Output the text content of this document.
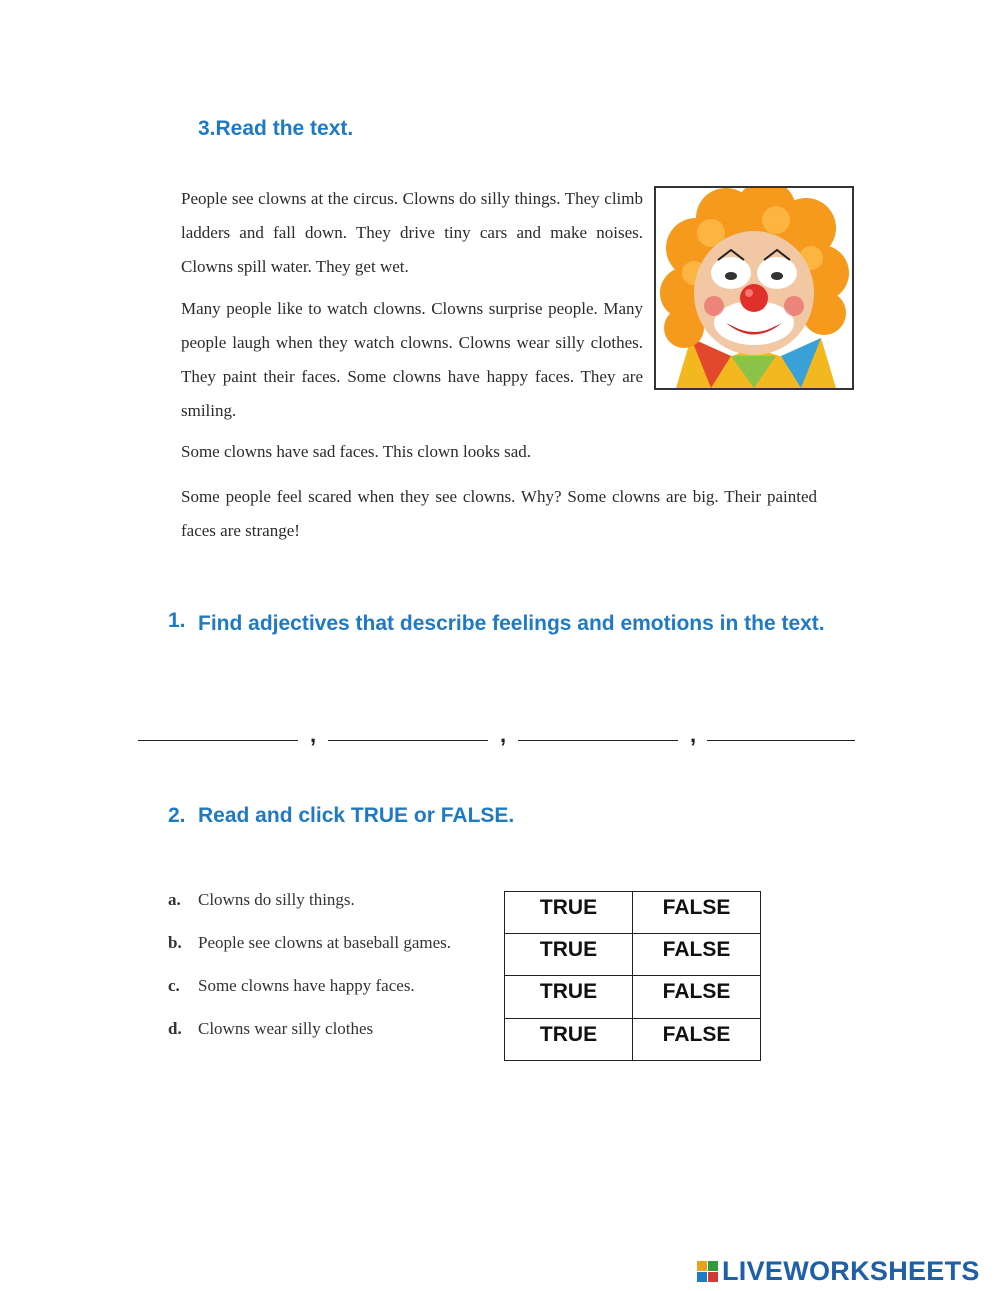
3.Read the text.
People see clowns at the circus. Clowns do silly things. They climb ladders and fall down. They drive tiny cars and make noises. Clowns spill water. They get wet.
Many people like to watch clowns. Clowns surprise people. Many people laugh when they watch clowns. Clowns wear silly clothes. They paint their faces. Some clowns have happy faces. They are smiling.
Some clowns have sad faces. This clown looks sad.
Some people feel scared when they see clowns. Why? Some clowns are big. Their painted faces are strange!
1. Find adjectives that describe feelings and emotions in the text.
,	,	,
2. Read and click TRUE or FALSE.
a. Clowns do silly things.
b. People see clowns at baseball games.
c. Some clowns have happy faces.
d. Clowns wear silly clothes
TRUE	FALSE
TRUE	FALSE
TRUE	FALSE
TRUE	FALSE
LIVEWORKSHEETS
